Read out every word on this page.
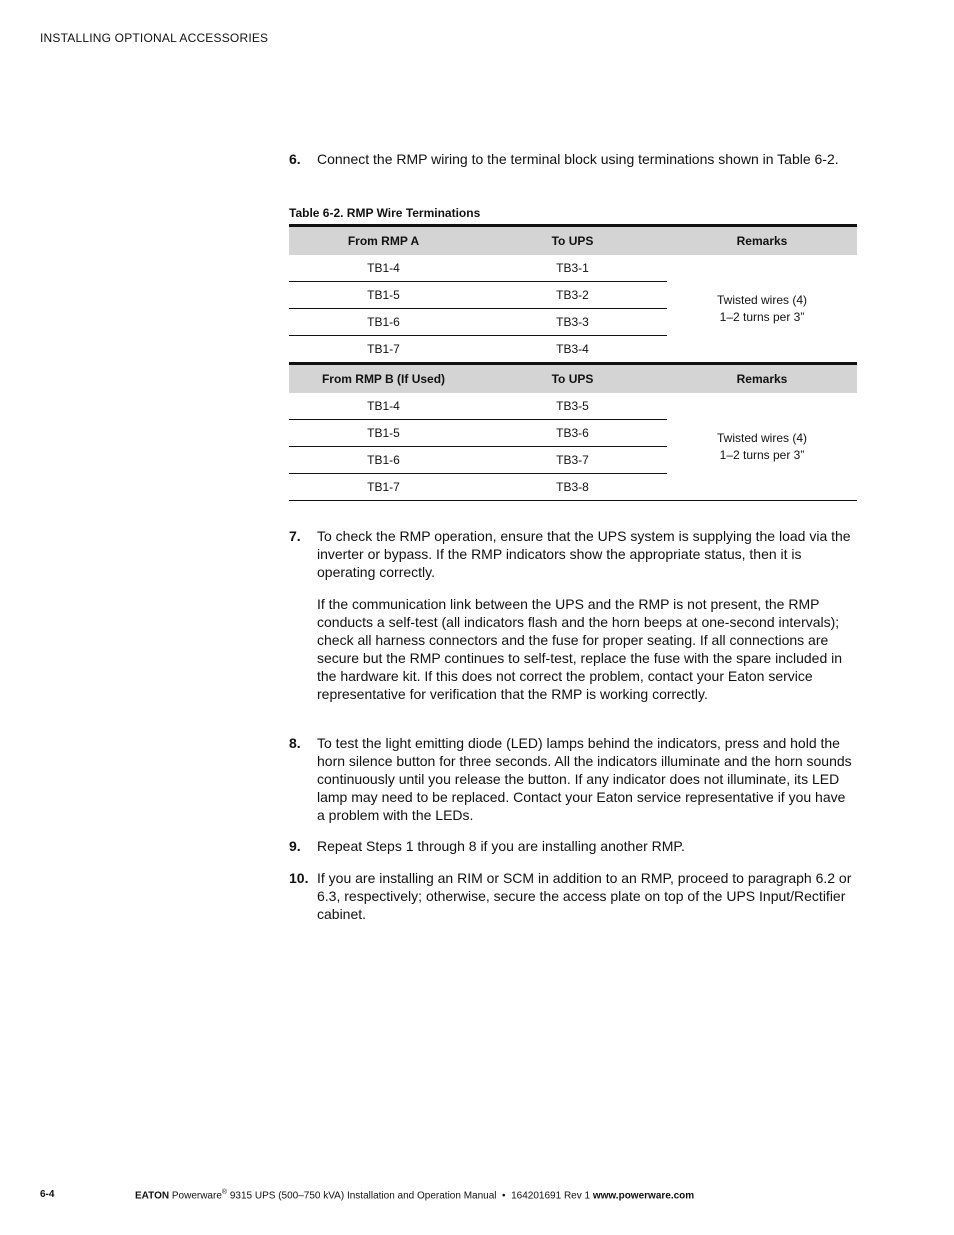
INSTALLING OPTIONAL ACCESSORIES
6. Connect the RMP wiring to the terminal block using terminations shown in Table 6-2.
Table 6-2. RMP Wire Terminations
From RMP A	To UPS	Remarks
TB1-4	TB3-1	Twisted wires (4)
1–2 turns per 3”

TB1-5	TB3-2	
TB1-6	TB3-3	
TB1-7	TB3-4	
From RMP B (If Used)	To UPS	Remarks
TB1-4	TB3-5	Twisted wires (4)
1–2 turns per 3”

TB1-5	TB3-6	
TB1-6	TB3-7	
TB1-7	TB3-8	
7. To check the RMP operation, ensure that the UPS system is supplying the load via the inverter or bypass. If the RMP indicators show the appropriate status, then it is operating correctly.
If the communication link between the UPS and the RMP is not present, the RMP conducts a self-test (all indicators flash and the horn beeps at one-second intervals); check all harness connectors and the fuse for proper seating. If all connections are secure but the RMP continues to self-test, replace the fuse with the spare included in the hardware kit. If this does not correct the problem, contact your Eaton service representative for verification that the RMP is working correctly.
8. To test the light emitting diode (LED) lamps behind the indicators, press and hold the horn silence button for three seconds. All the indicators illuminate and the horn sounds continuously until you release the button. If any indicator does not illuminate, its LED lamp may need to be replaced. Contact your Eaton service representative if you have a problem with the LEDs.
9. Repeat Steps 1 through 8 if you are installing another RMP.
10. If you are installing an RIM or SCM in addition to an RMP, proceed to paragraph 6.2 or 6.3, respectively; otherwise, secure the access plate on top of the UPS Input/Rectifier cabinet.
6-4	EATON Powerware® 9315 UPS (500–750 kVA) Installation and Operation Manual  •  164201691 Rev 1 www.powerware.com
